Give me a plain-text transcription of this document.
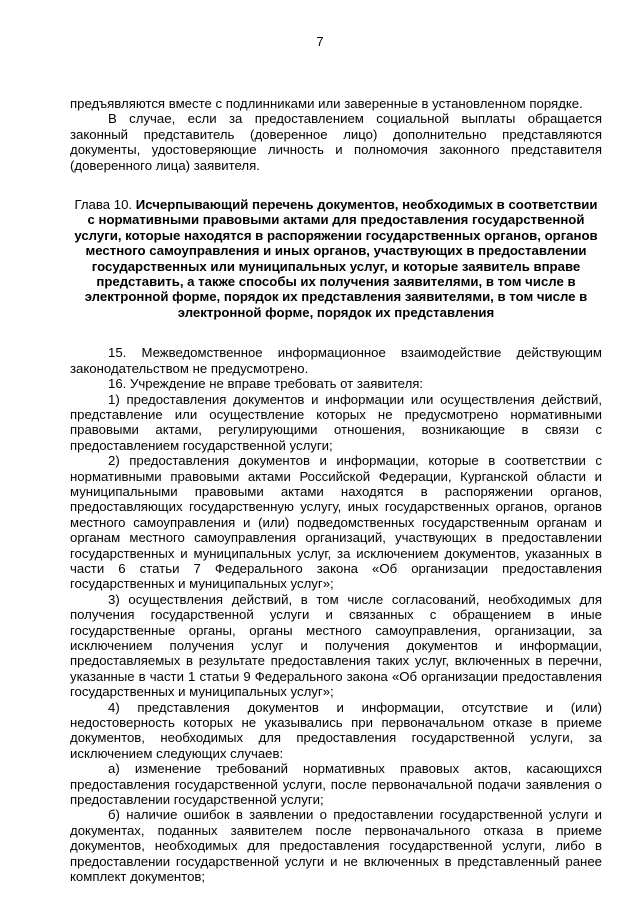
7

предъявляются вместе с подлинниками или заверенные в установленном порядке.

В случае, если за предоставлением социальной выплаты обращается законный представитель (доверенное лицо) дополнительно представляются документы, удостоверяющие личность и полномочия законного представителя (доверенного лица) заявителя.

Глава 10. Исчерпывающий перечень документов, необходимых в соответствии с нормативными правовыми актами для предоставления государственной услуги, которые находятся в распоряжении государственных органов, органов местного самоуправления и иных органов, участвующих в предоставлении государственных или муниципальных услуг, и которые заявитель вправе представить, а также способы их получения заявителями, в том числе в электронной форме, порядок их представления заявителями, в том числе в электронной форме, порядок их представления

15. Межведомственное информационное взаимодействие действующим законодательством не предусмотрено.

16. Учреждение не вправе требовать от заявителя:

1) предоставления документов и информации или осуществления действий, представление или осуществление которых не предусмотрено нормативными правовыми актами, регулирующими отношения, возникающие в связи с предоставлением государственной услуги;

2) предоставления документов и информации, которые в соответствии с нормативными правовыми актами Российской Федерации, Курганской области и муниципальными правовыми актами находятся в распоряжении органов, предоставляющих государственную услугу, иных государственных органов, органов местного самоуправления и (или) подведомственных государственным органам и органам местного самоуправления организаций, участвующих в предоставлении государственных и муниципальных услуг, за исключением документов, указанных в части 6 статьи 7 Федерального закона «Об организации предоставления государственных и муниципальных услуг»;

3) осуществления действий, в том числе согласований, необходимых для получения государственной услуги и связанных с обращением в иные государственные органы, органы местного самоуправления, организации, за исключением получения услуг и получения документов и информации, предоставляемых в результате предоставления таких услуг, включенных в перечни, указанные в части 1 статьи 9 Федерального закона «Об организации предоставления государственных и муниципальных услуг»;

4) представления документов и информации, отсутствие и (или) недостоверность которых не указывались при первоначальном отказе в приеме документов, необходимых для предоставления государственной услуги, за исключением следующих случаев:

а) изменение требований нормативных правовых актов, касающихся предоставления государственной услуги, после первоначальной подачи заявления о предоставлении государственной услуги;

б) наличие ошибок в заявлении о предоставлении государственной услуги и документах, поданных заявителем после первоначального отказа в приеме документов, необходимых для предоставления государственной услуги, либо в предоставлении государственной услуги и не включенных в представленный ранее комплект документов;
